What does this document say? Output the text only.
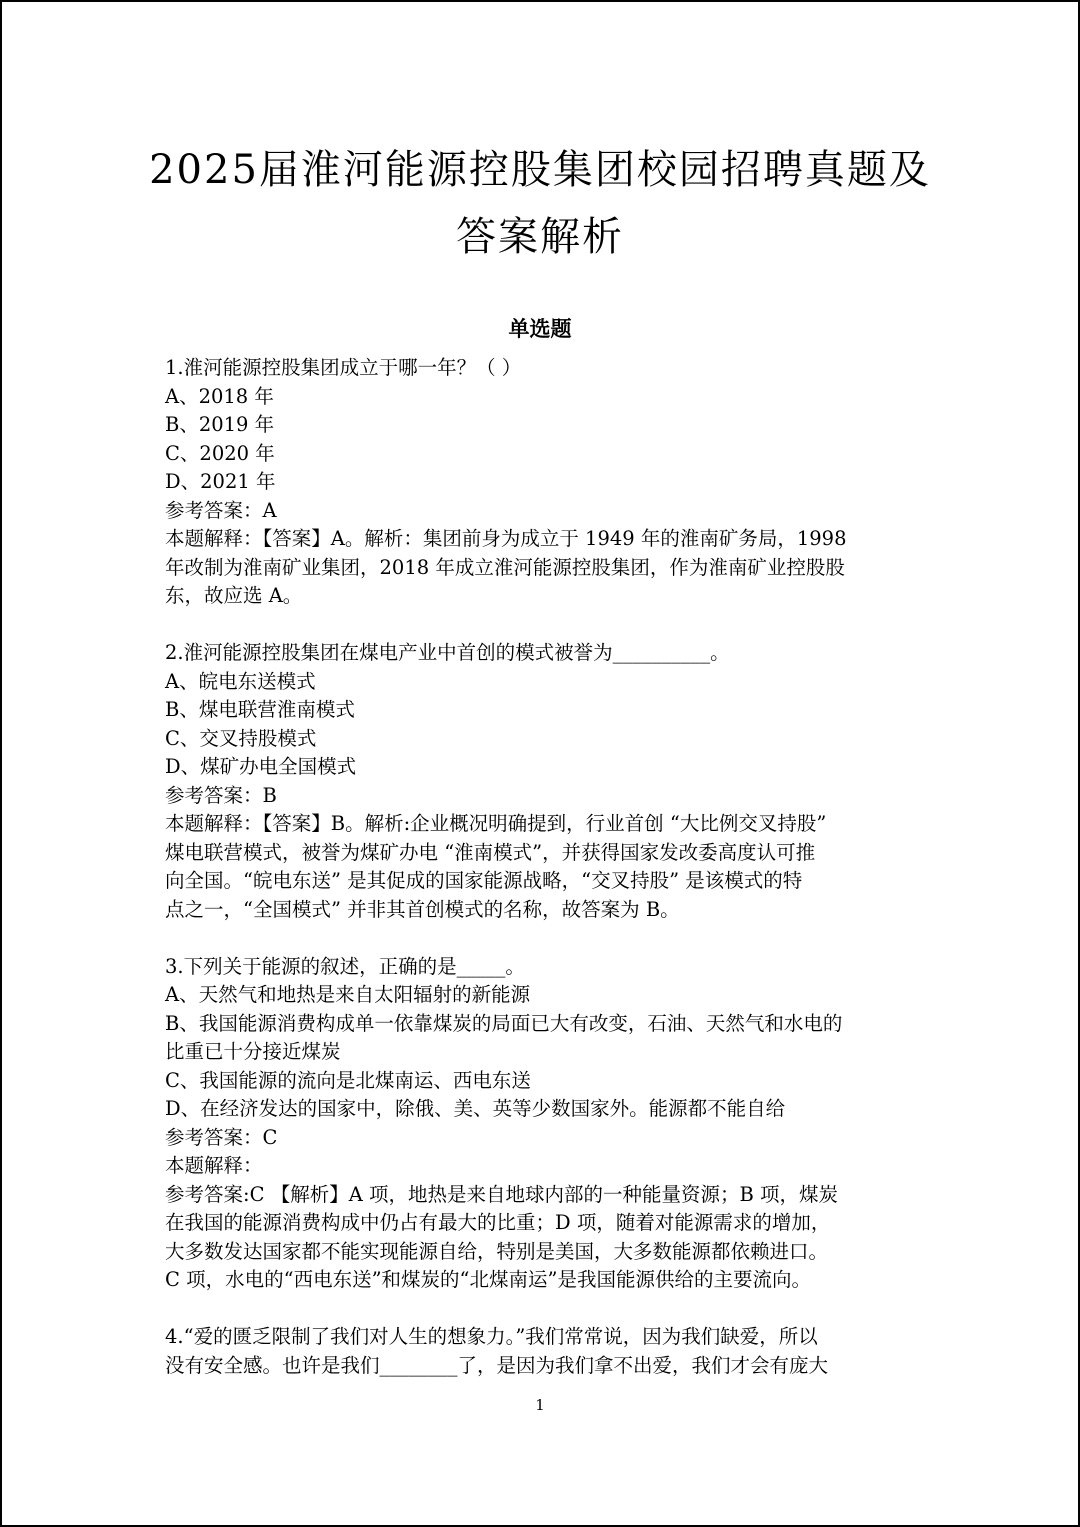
2025届淮河能源控股集团校园招聘真题及
答案解析
单选题
1.淮河能源控股集团成立于哪一年？（ ）
A、2018 年
B、2019 年
C、2020 年
D、2021 年
参考答案：A
本题解释：【答案】A。解析：集团前身为成立于 1949 年的淮南矿务局，1998
年改制为淮南矿业集团，2018 年成立淮河能源控股集团，作为淮南矿业控股股
东，故应选 A。
2.淮河能源控股集团在煤电产业中首创的模式被誉为__________。
A、皖电东送模式
B、煤电联营淮南模式
C、交叉持股模式
D、煤矿办电全国模式
参考答案：B
本题解释：【答案】B。解析:企业概况明确提到，行业首创 “大比例交叉持股”
煤电联营模式，被誉为煤矿办电 “淮南模式”，并获得国家发改委高度认可推
向全国。“皖电东送” 是其促成的国家能源战略，“交叉持股” 是该模式的特
点之一，“全国模式” 并非其首创模式的名称，故答案为 B。
3.下列关于能源的叙述，正确的是_____。
A、天然气和地热是来自太阳辐射的新能源
B、我国能源消费构成单一依靠煤炭的局面已大有改变，石油、天然气和水电的
比重已十分接近煤炭
C、我国能源的流向是北煤南运、西电东送
D、在经济发达的国家中，除俄、美、英等少数国家外。能源都不能自给
参考答案：C
本题解释：
参考答案:C 【解析】A 项，地热是来自地球内部的一种能量资源；B 项，煤炭
在我国的能源消费构成中仍占有最大的比重；D 项，随着对能源需求的增加，
大多数发达国家都不能实现能源自给，特别是美国，大多数能源都依赖进口。
C 项，水电的“西电东送”和煤炭的“北煤南运”是我国能源供给的主要流向。
4.“爱的匮乏限制了我们对人生的想象力。”我们常常说，因为我们缺爱，所以
没有安全感。也许是我们________了，是因为我们拿不出爱，我们才会有庞大
1
